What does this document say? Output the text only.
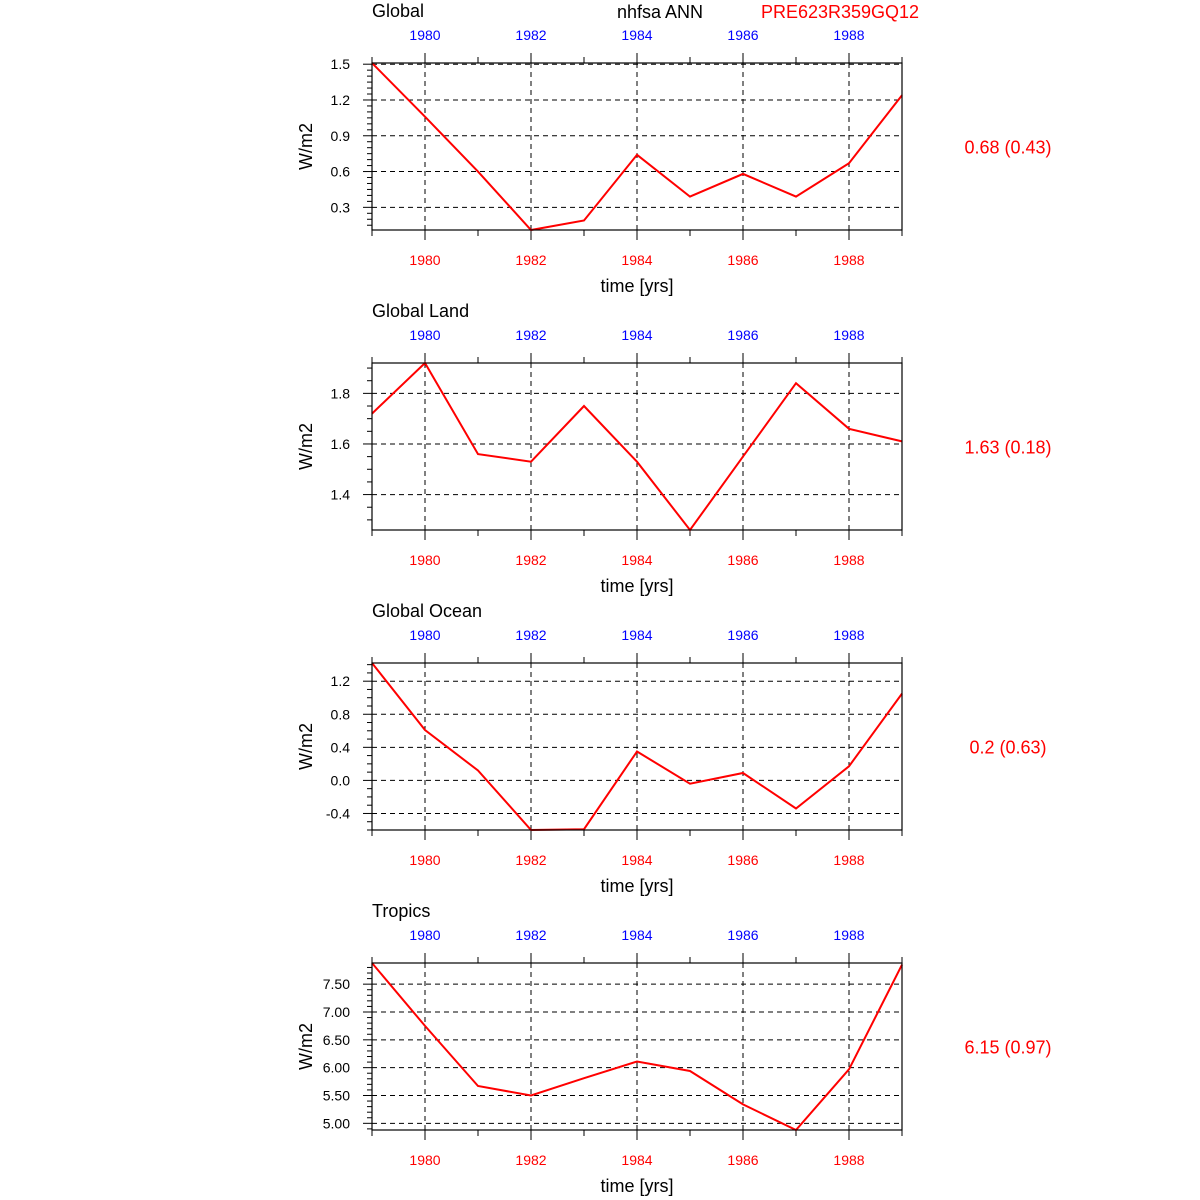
nhfsa ANN	PRE623R359GQ12
Global
0.3
0.6
0.9
1.2
1.5
1980
1980
1982
1982
1984
1984
1986
1986
1988
1988
time [yrs]
W/m2	0.68 (0.43)
Global Land
1.4
1.6
1.8
1980
1980
1982
1982
1984
1984
1986
1986
1988
1988
time [yrs]
W/m2	1.63 (0.18)
Global Ocean
-0.4
0.0
0.4
0.8
1.2
1980
1980
1982
1982
1984
1984
1986
1986
1988
1988
time [yrs]
W/m2	0.2 (0.63)
Tropics
5.00
5.50
6.00
6.50
7.00
7.50
1980
1980
1982
1982
1984
1984
1986
1986
1988
1988
time [yrs]
W/m2	6.15 (0.97)
